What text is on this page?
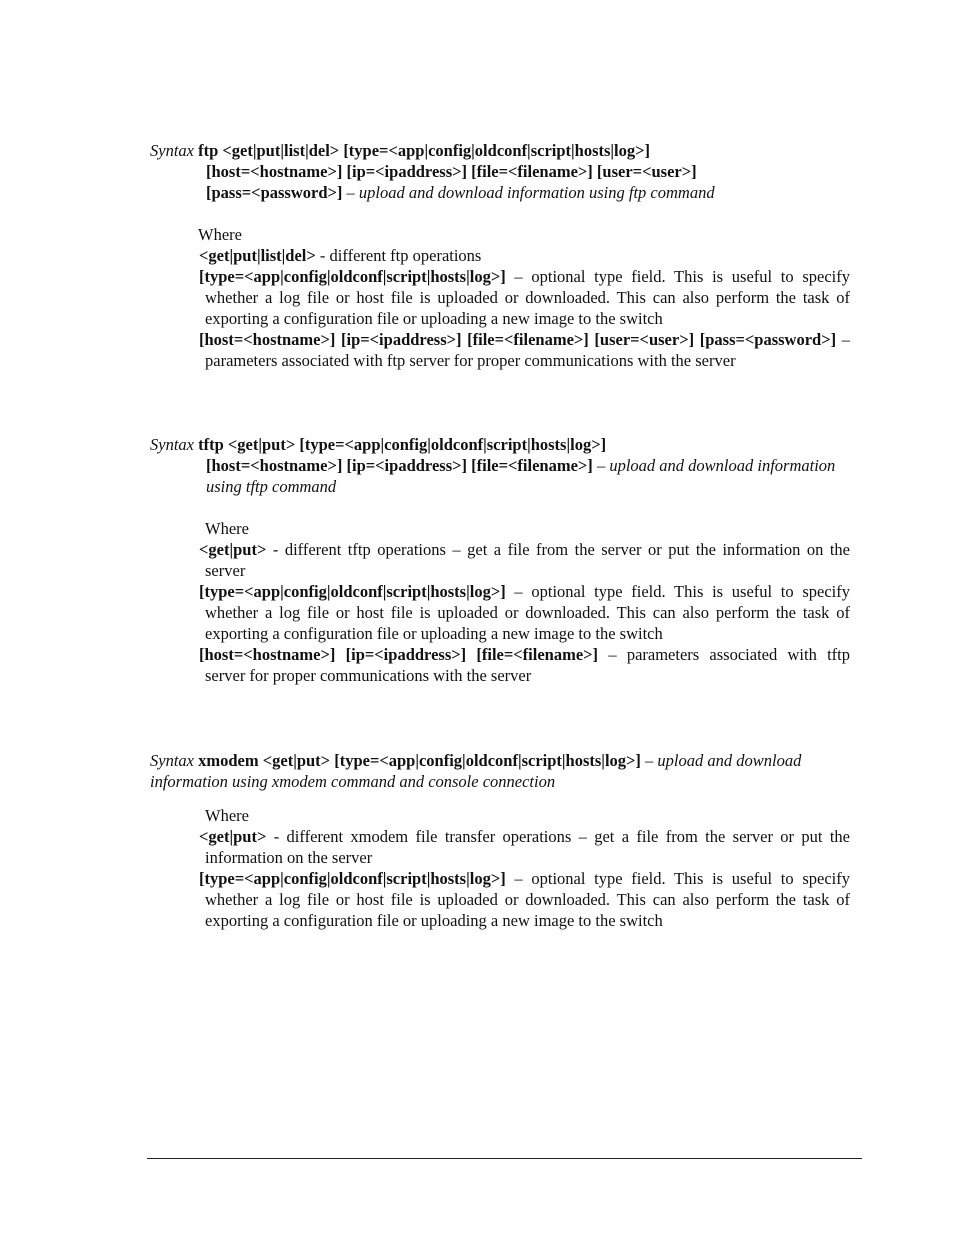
Syntax ftp <get|put|list|del> [type=<app|config|oldconf|script|hosts|log>]

[host=<hostname>] [ip=<ipaddress>] [file=<filename>] [user=<user>]

[pass=<password>] – upload and download information using ftp command

Where

<get|put|list|del> - different ftp operations

[type=<app|config|oldconf|script|hosts|log>] – optional type field. This is useful to specify whether a log file or host file is uploaded or downloaded. This can also perform the task of exporting a configuration file or uploading a new image to the switch

[host=<hostname>] [ip=<ipaddress>] [file=<filename>] [user=<user>] [pass=<password>] – parameters associated with ftp server for proper communications with the server

Syntax tftp <get|put> [type=<app|config|oldconf|script|hosts|log>]

[host=<hostname>] [ip=<ipaddress>] [file=<filename>] – upload and download information using tftp command

Where

<get|put> - different tftp operations – get a file from the server or put the information on the server

[type=<app|config|oldconf|script|hosts|log>] – optional type field. This is useful to specify whether a log file or host file is uploaded or downloaded. This can also perform the task of exporting a configuration file or uploading a new image to the switch

[host=<hostname>] [ip=<ipaddress>] [file=<filename>] – parameters associated with tftp server for proper communications with the server

Syntax xmodem <get|put> [type=<app|config|oldconf|script|hosts|log>] – upload and download information using xmodem command and console connection

Where

<get|put> - different xmodem file transfer operations – get a file from the server or put the information on the server

[type=<app|config|oldconf|script|hosts|log>] – optional type field. This is useful to specify whether a log file or host file is uploaded or downloaded. This can also perform the task of exporting a configuration file or uploading a new image to the switch
